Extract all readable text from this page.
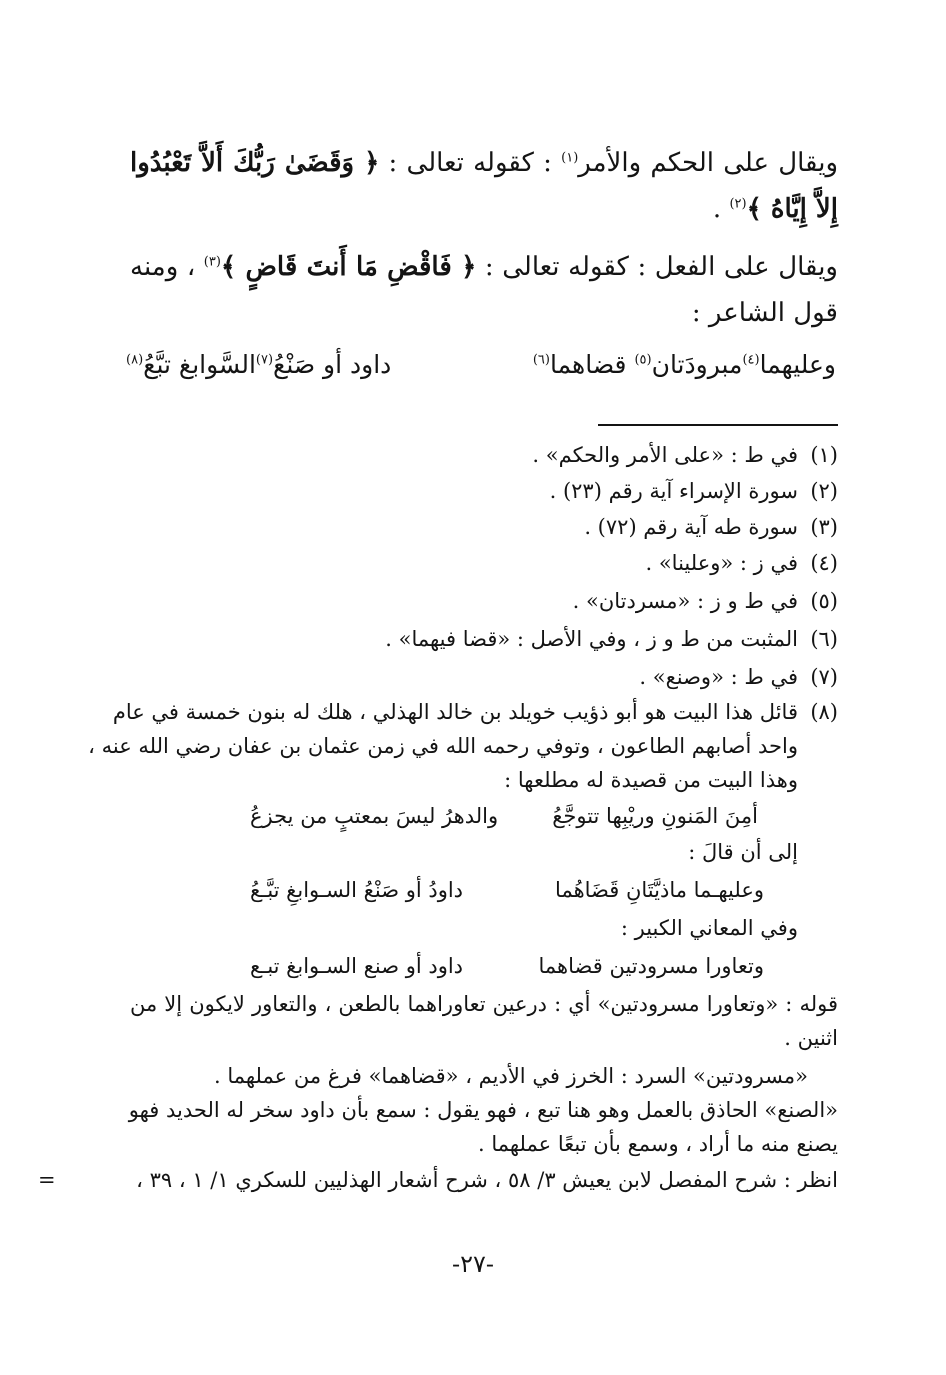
ويقال على الحكم والأمر$^{(١)}$ : كقوله تعالى : ﴿ وَقَضَىٰ رَبُّكَ أَلاَّ تَعْبُدُوا إِلاَّ إِيَّاهُ ﴾$^{(٢)}$ .

ويقال على الفعل : كقوله تعالى : ﴿ فَاقْضِ مَا أَنتَ قَاضٍ ﴾$^{(٣)}$ ، ومنه قول الشاعر :

وعليهما$^{(٤)}$مبرودَتان$^{(٥)}$ قضاهما$^{(٦)}$
داود أو صَنْعُ$^{(٧)}$السَّوابغ تبَّعُ$^{(٨)}$
(١)
في ط : «على الأمر والحكم» .
(٢)
سورة الإسراء آية رقم (٢٣) .
(٣)
سورة طه آية رقم (٧٢) .
(٤)
في ز : «وعلينا» .
(٥)
في ط و ز : «مسردتان» .
(٦)
المثبت من ط و ز ، وفي الأصل : «قضا فيهما» .
(٧)
في ط : «وصنع» .
(٨)
قائل هذا البيت هو أبو ذؤيب خويلد بن خالد الهذلي ، هلك له بنون خمسة في عام
واحد أصابهم الطاعون ، وتوفي رحمه الله في زمن عثمان بن عفان رضي الله عنه ،
وهذا البيت من قصيدة له مطلعها :
أمِنَ المَنونِ وريْبِها تتوجَّعُ
والدهرُ ليسَ بمعتبٍ من يجزعُ
إلى أن قالَ :
وعليهـما ماذيَّتَانِ قَضَاهُما
داودُ أو صَنْعُ السـوابغِ تبَّـعُ
وفي المعاني الكبير :
وتعاورا مسرودتين قضاهما
داود أو صنع السـوابغ تبـع
قوله : «وتعاورا مسرودتين» أي : درعين تعاوراهما بالطعن ، والتعاور لايكون إلا من
اثنين .
«مسرودتين» السرد : الخرز في الأديم ، «قضاهما» فرغ من عملهما .
«الصنع» الحاذق بالعمل وهو هنا تبع ، فهو يقول : سمع بأن داود سخر له الحديد فهو
يصنع منه ما أراد ، وسمع بأن تبعًا عملهما .
انظر : شرح المفصل لابن يعيش ٣/ ٥٨ ، شرح أشعار الهذليين للسكري ١/ ١ ، ٣٩ ،
=
-٢٧-
